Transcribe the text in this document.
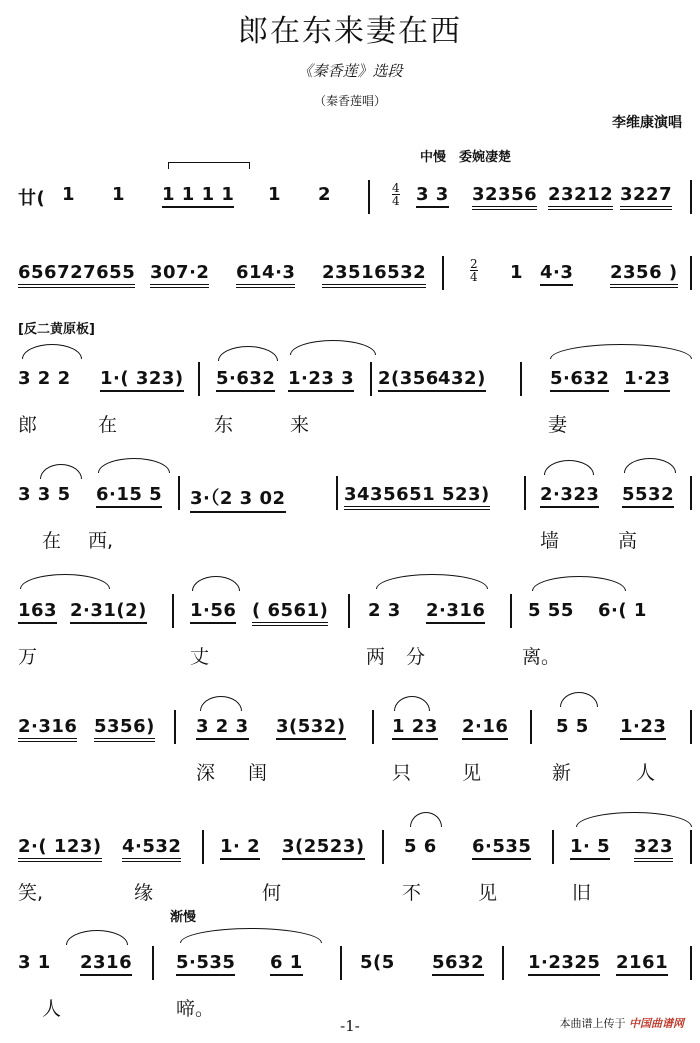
郎在东来妻在西
《秦香莲》选段
（秦香莲唱）
李维康演唱
中慢　委婉凄楚
廿( 1 1 1 1 1 1 1 2	$\frac{4}{4} 3$ 3 32356 23212 3227
656727655 307·2 614·3 23516532	$\frac{2}{4} 1$ 4·3 2356 )
[反二黄原板]
3 2 2 1·( 323) 5·632 1·23 3 2(356 432)	5·632 1·23
郎	在	东	来	妻
3 3 5 6·15 5 3·（2 3 02	3435651 523)	2·323 5532
在 西,	墙	高
163 2·31(2) 1·56 ( 6561) 2 3 2·316 5 55 6·( 1
万	丈	两 分	离。
2·316 5356) 3 2 3 3(532)	1 23 2·16	5 5 1·23
深 闺	只	见	新	人
2·( 123) 4·532 1· 2 3(2523) 5 6 6·535 1· 5 323
笑,	缘	何	不	见	旧
渐慢
3 1 2316 5·535 6 1	5(5 5632 1·2325 2161
人	啼。
-1-	本曲谱上传于 中国曲谱网
